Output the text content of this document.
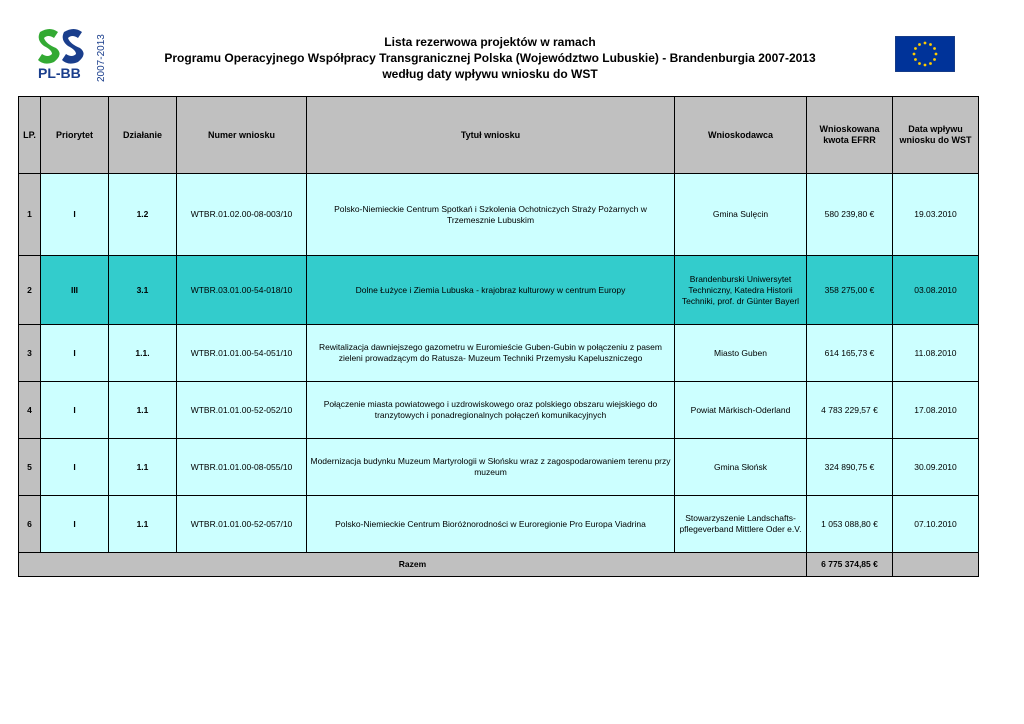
PL-BB 2007-2013	Lista rezerwowa projektów w ramach
Programu Operacyjnego Współpracy Transgranicznej Polska (Województwo Lubuskie) - Brandenburgia 2007-2013
według daty wpływu wniosku do WST
LP.	Priorytet	Działanie	Numer wniosku	Tytuł wniosku	Wnioskodawca	Wnioskowana kwota EFRR	Data wpływu wniosku do WST
1	I	1.2	WTBR.01.02.00-08-003/10	Polsko-Niemieckie Centrum Spotkań i Szkolenia Ochotniczych Straży Pożarnych w Trzemesznie Lubuskim	Gmina Sulęcin	580 239,80 €	19.03.2010
2	III	3.1	WTBR.03.01.00-54-018/10	Dolne Łużyce i Ziemia Lubuska - krajobraz kulturowy w centrum Europy	Brandenburski Uniwersytet Techniczny, Katedra Historii Techniki, prof. dr Günter Bayerl	358 275,00 €	03.08.2010
3	I	1.1.	WTBR.01.01.00-54-051/10	Rewitalizacja dawniejszego gazometru w Euromieście Guben-Gubin w połączeniu z pasem zieleni prowadzącym do Ratusza- Muzeum Techniki Przemysłu Kapeluszniczego	Miasto Guben	614 165,73 €	11.08.2010
4	I	1.1	WTBR.01.01.00-52-052/10	Połączenie miasta powiatowego i uzdrowiskowego oraz polskiego obszaru wiejskiego do tranzytowych i ponadregionalnych połączeń komunikacyjnych	Powiat Märkisch-Oderland	4 783 229,57 €	17.08.2010
5	I	1.1	WTBR.01.01.00-08-055/10	Modernizacja budynku Muzeum Martyrologii w Słońsku wraz z zagospodarowaniem terenu przy muzeum	Gmina Słońsk	324 890,75 €	30.09.2010
6	I	1.1	WTBR.01.01.00-52-057/10	Polsko-Niemieckie Centrum Bioróżnorodności w Euroregionie Pro Europa Viadrina	Stowarzyszenie Landschafts-pflegeverband Mittlere Oder e.V.	1 053 088,80 €	07.10.2010
Razem						6 775 374,85 €	
